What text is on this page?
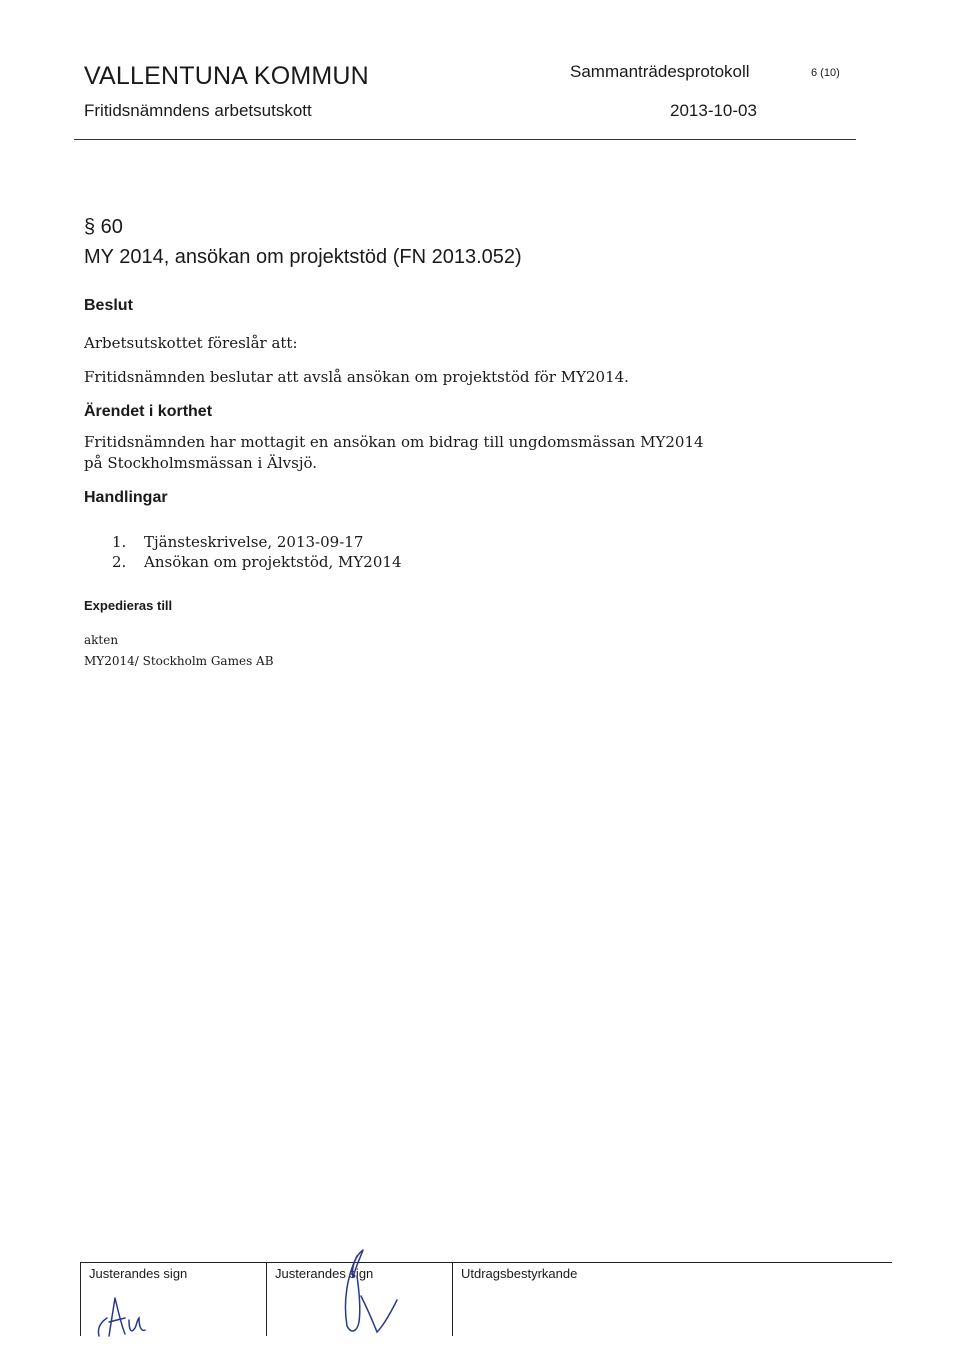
VALLENTUNA KOMMUN
Fritidsnämndens arbetsutskott
Sammanträdesprotokoll	6 (10)
2013-10-03
§ 60
MY 2014, ansökan om projektstöd (FN 2013.052)
Beslut
Arbetsutskottet föreslår att:
Fritidsnämnden beslutar att avslå ansökan om projektstöd för MY2014.
Ärendet i korthet
Fritidsnämnden har mottagit en ansökan om bidrag till ungdomsmässan MY2014 på Stockholmsmässan i Älvsjö.
Handlingar
1. Tjänsteskrivelse, 2013-09-17
2. Ansökan om projektstöd, MY2014
Expedieras till
akten
MY2014/ Stockholm Games AB
Justerandes sign	Justerandes sign	Utdragsbestyrkande
